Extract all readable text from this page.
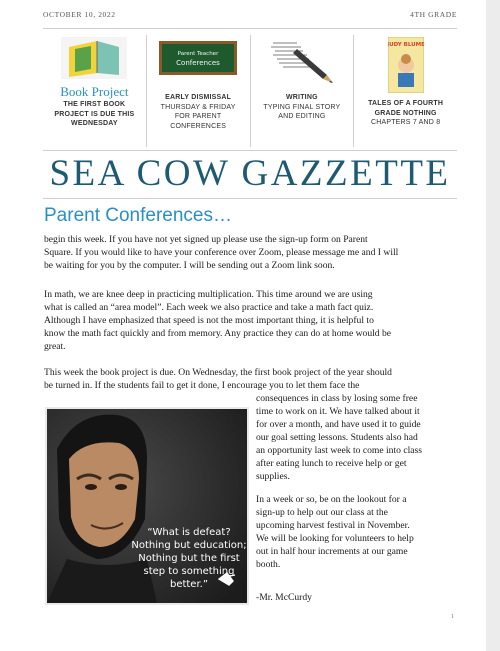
OCTOBER 10, 2022	4TH GRADE
Book Project
THE FIRST BOOK
PROJECT IS DUE THIS
WEDNESDAY
Parent Teacher
Conferences
EARLY DISMISSAL
THURSDAY & FRIDAY
FOR PARENT
CONFERENCES
WRITING
TYPING FINAL STORY
AND EDITING
JUDY BLUME
TALES OF A FOURTH
GRADE NOTHING
CHAPTERS 7 AND 8
SEA COW GAZZETTE
Parent Conferences…
begin this week. If you have not yet signed up please use the sign-up form on Parent
Square. If you would like to have your conference over Zoom, please message me and I will
be waiting for you by the computer. I will be sending out a Zoom link soon.
In math, we are knee deep in practicing multiplication. This time around we are using
what is called an “area model”. Each week we also practice and take a math fact quiz.
Although I have emphasized that speed is not the most important thing, it is helpful to
know the math fact quickly and from memory. Any practice they can do at home would be
great.
This week the book project is due. On Wednesday, the first book project of the year should
be turned in. If the students fail to get it done, I encourage you to let them face the
consequences in class by losing some free
time to work on it. We have talked about it
for over a month, and have used it to guide
our goal setting lessons. Students also had
an opportunity last week to come into class
after eating lunch to receive help or get
supplies.
In a week or so, be on the lookout for a
sign-up to help out our class at the
upcoming harvest festival in November.
We will be looking for volunteers to help
out in half hour increments at our game
booth.
-Mr. McCurdy
“What is defeat?
Nothing but education;
Nothing but the first
step to something
better.”
1
